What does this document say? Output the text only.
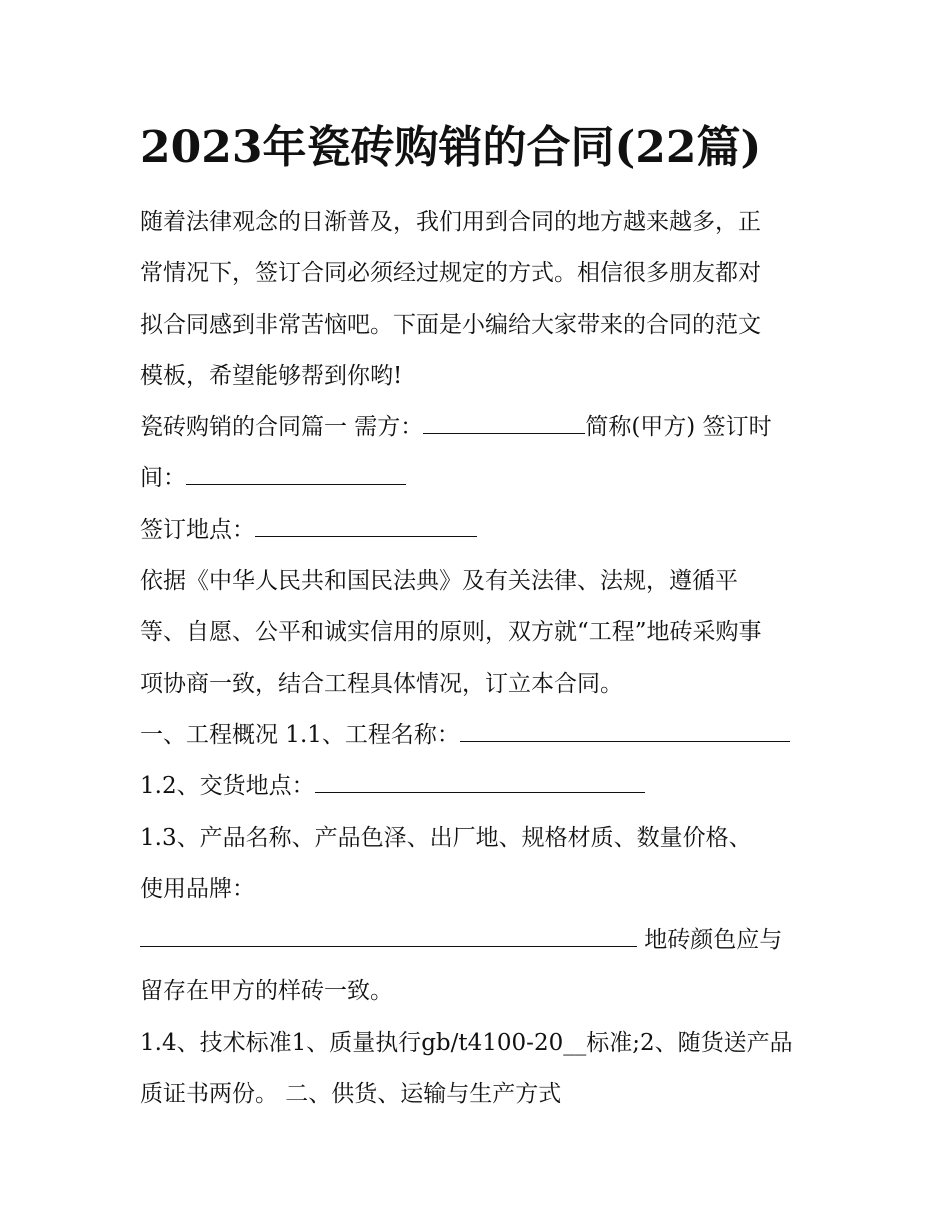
2023年瓷砖购销的合同(22篇)

随着法律观念的日渐普及，我们用到合同的地方越来越多，正

常情况下，签订合同必须经过规定的方式。相信很多朋友都对

拟合同感到非常苦恼吧。下面是小编给大家带来的合同的范文

模板，希望能够帮到你哟!

瓷砖购销的合同篇一 需方：	简称(甲方) 签订时

间：

签订地点：

依据《中华人民共和国民法典》及有关法律、法规，遵循平

等、自愿、公平和诚实信用的原则，双方就“工程”地砖采购事

项协商一致，结合工程具体情况，订立本合同。

一、工程概况 1.1、工程名称：

1.2、交货地点：

1.3、产品名称、产品色泽、出厂地、规格材质、数量价格、

使用品牌：

地砖颜色应与

留存在甲方的样砖一致。

1.4、技术标准1、质量执行gb/t4100-20__标准;2、随货送产品

质证书两份。 二、供货、运输与生产方式
